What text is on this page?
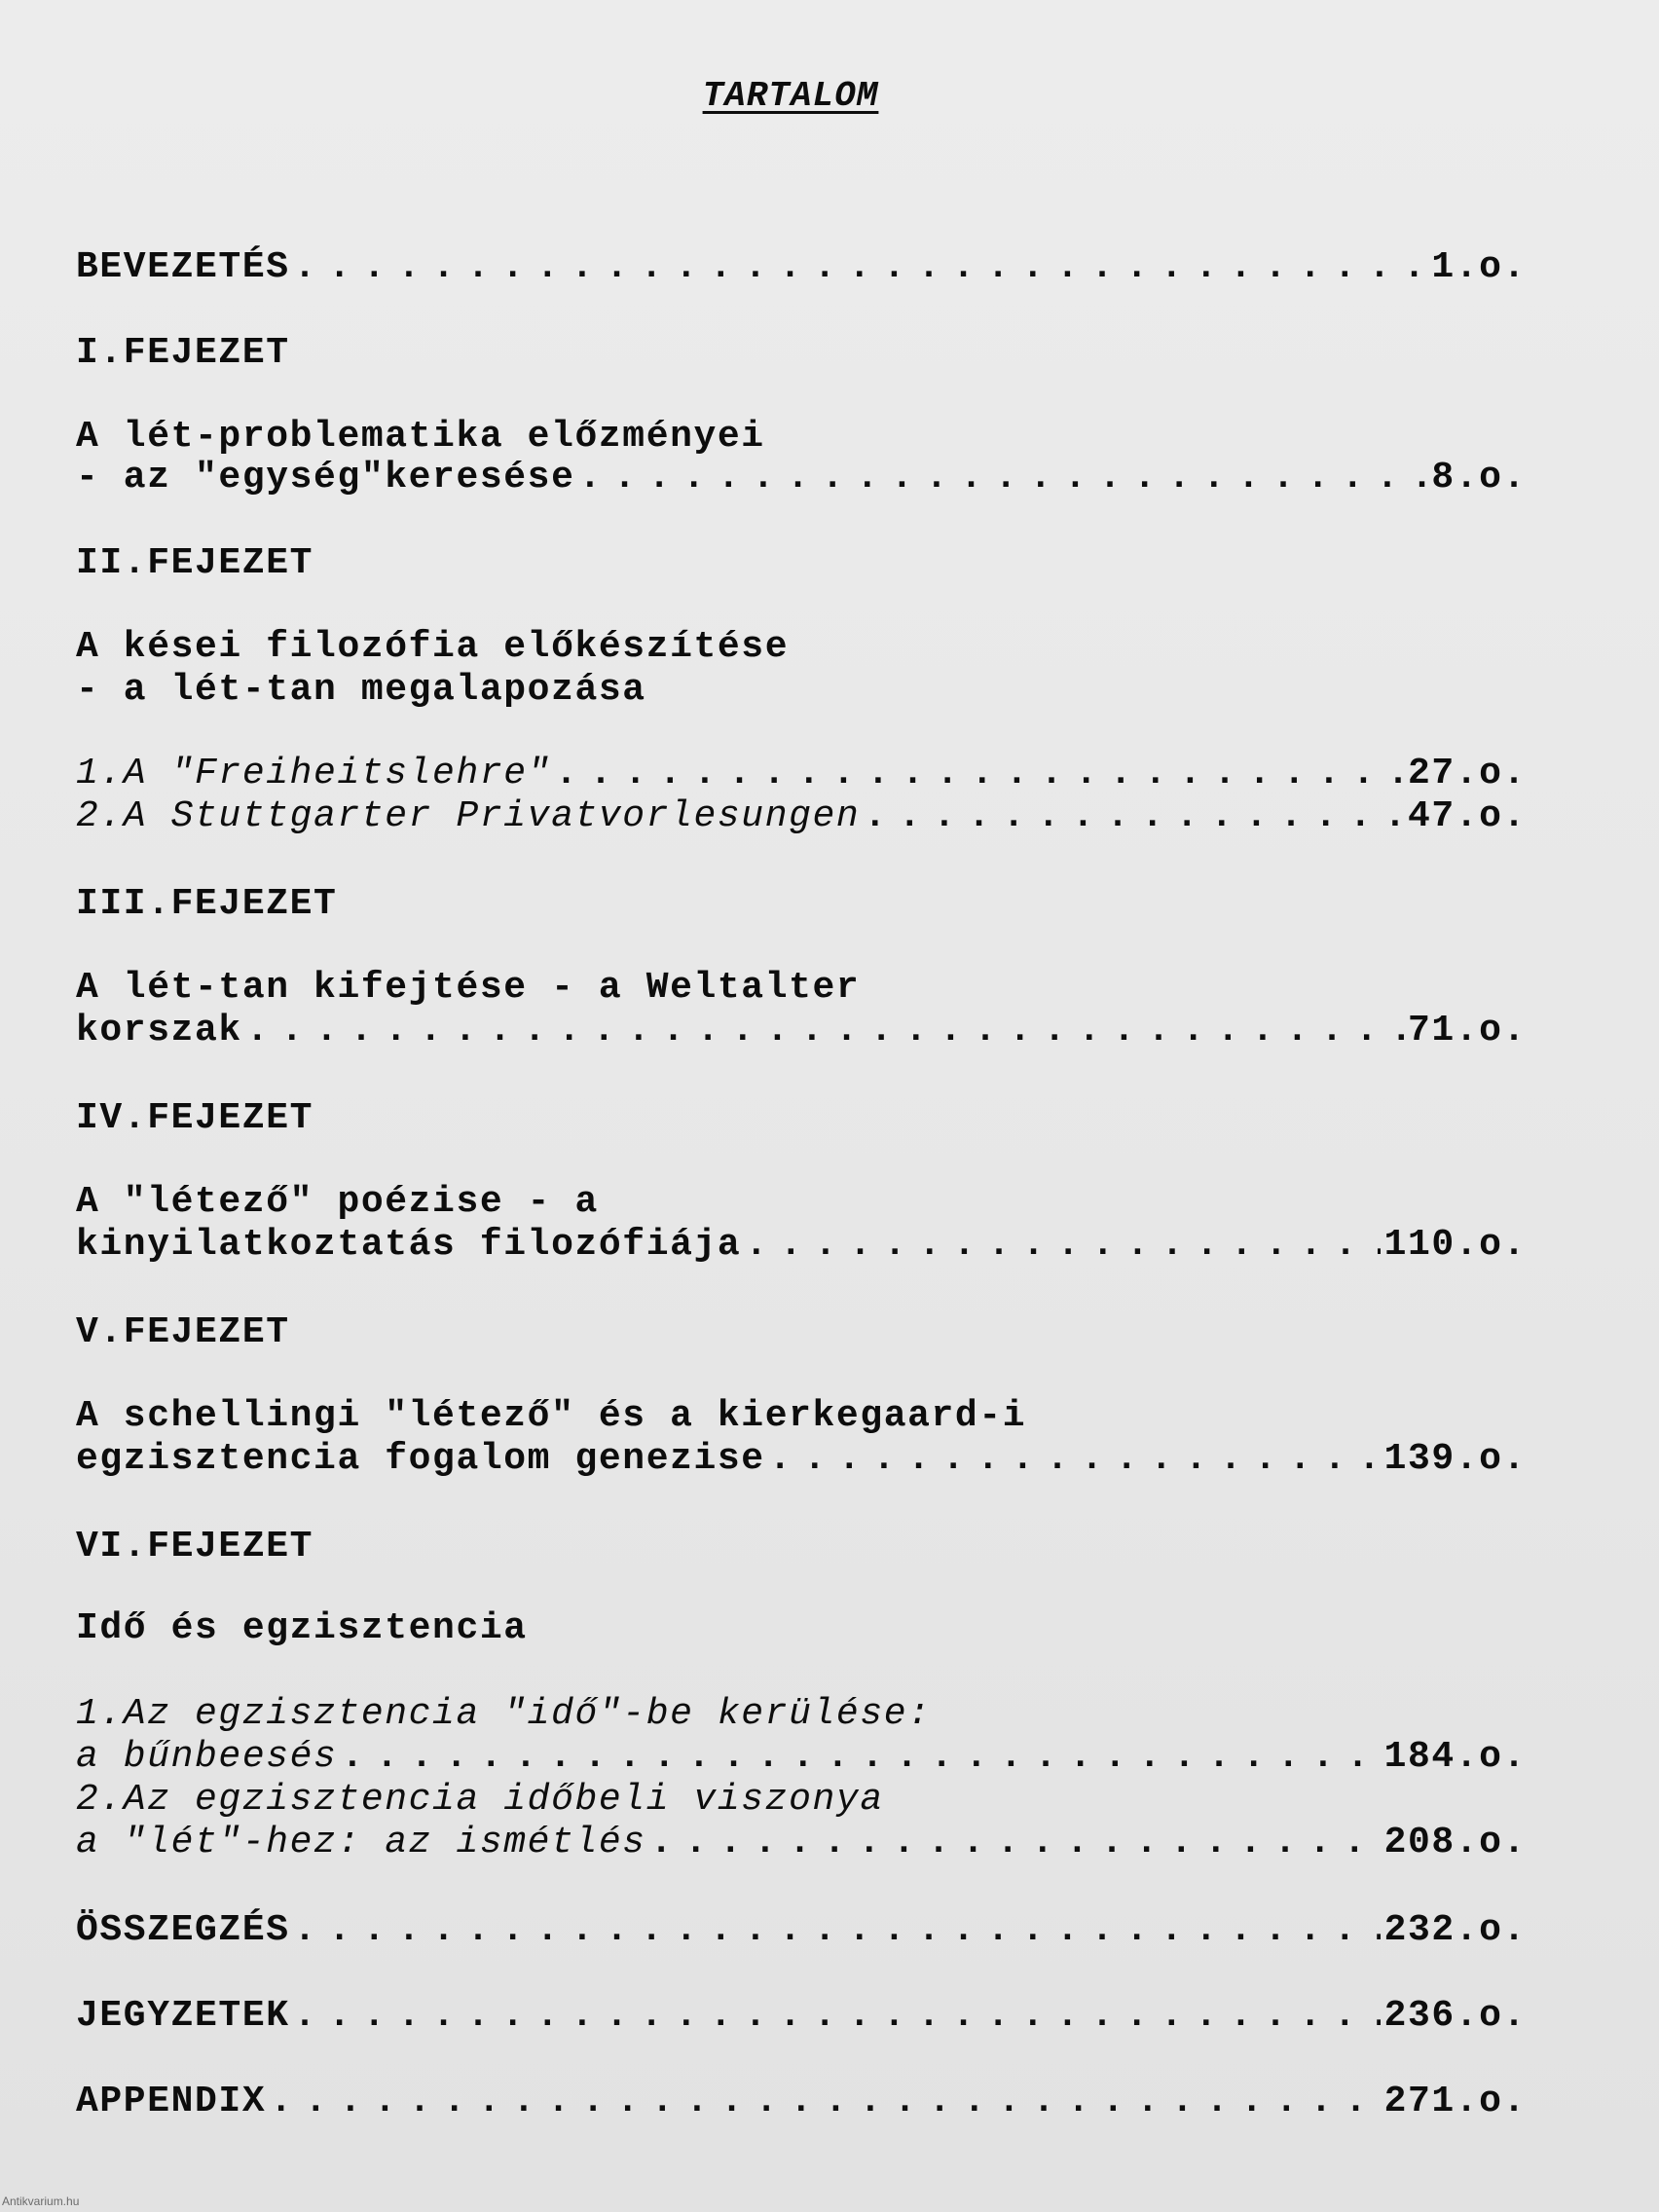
TARTALOM
BEVEZETÉS . . .	1.o.
I.FEJEZET
A lét-problematika előzményei
- az "egység"keresése . . .	8.o.
II.FEJEZET
A kései filozófia előkészítése
- a lét-tan megalapozása
1.A "Freiheitslehre" . . .	27.o.
2.A Stuttgarter Privatvorlesungen . . .	47.o.
III.FEJEZET
A lét-tan kifejtése - a Weltalter
korszak . . .	71.o.
IV.FEJEZET
A "létező" poézise - a
kinyilatkoztatás filozófiája . . .	110.o.
V.FEJEZET
A schellingi "létező" és a kierkegaard-i
egzisztencia fogalom genezise . . .	139.o.
VI.FEJEZET
Idő és egzisztencia
1.Az egzisztencia "idő"-be kerülése:
a bűnbeesés . . .	184.o.
2.Az egzisztencia időbeli viszonya
a "lét"-hez: az ismétlés . . .	208.o.
ÖSSZEGZÉS . . .	232.o.
JEGYZETEK . . .	236.o.
APPENDIX . . .	271.o.
Antikvarium.hu
